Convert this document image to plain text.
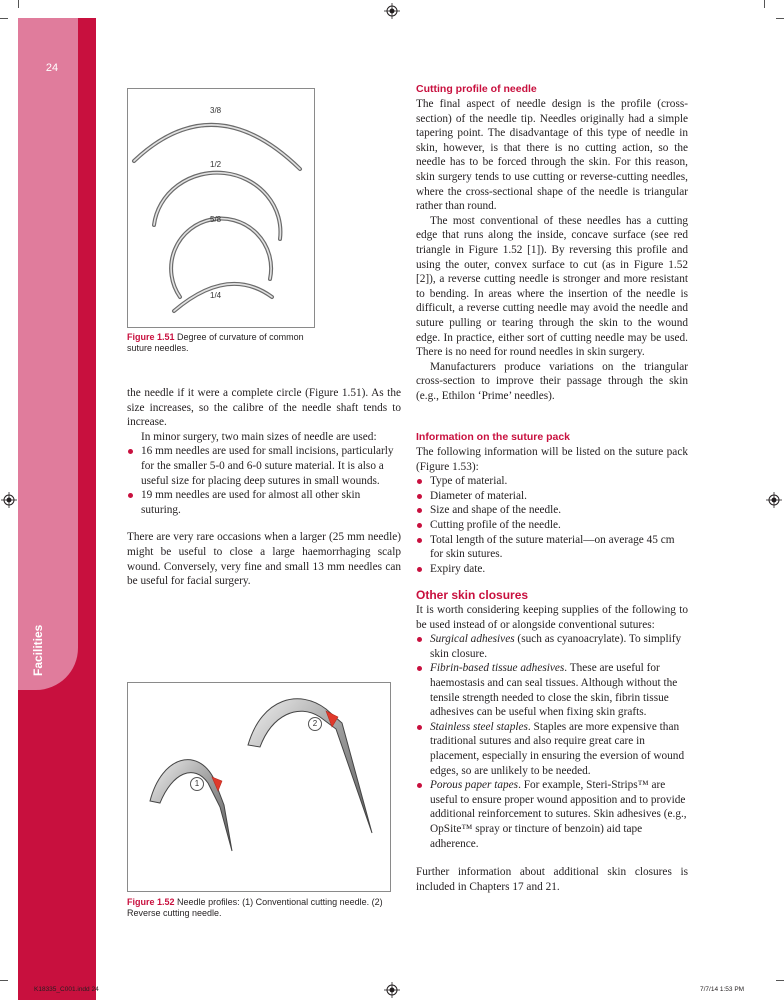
24
Facilities
3/8
1/2
5/8
1/4
Figure 1.51 Degree of curvature of common suture needles.

the needle if it were a complete circle (Figure 1.51). As the size increases, so the calibre of the needle shaft tends to increase.

In minor surgery, two main sizes of needle are used:

16 mm needles are used for small incisions, particularly for the smaller 5-0 and 6-0 suture material. It is also a useful size for placing deep sutures in small wounds.
19 mm needles are used for almost all other skin suturing.

There are very rare occasions when a larger (25 mm needle) might be useful to close a large haemorrhaging scalp wound. Conversely, very fine and small 13 mm needles can be useful for facial surgery.

2
1
Figure 1.52 Needle profiles: (1) Conventional cutting needle. (2) Reverse cutting needle.
Cutting profile of needle

The final aspect of needle design is the profile (cross-section) of the needle tip. Needles originally had a simple tapering point. The disadvantage of this type of needle in skin, however, is that there is no cutting action, so the needle has to be forced through the skin. For this reason, skin surgery tends to use cutting or reverse-cutting needles, where the cross-sectional shape of the needle is triangular rather than round.

The most conventional of these needles has a cutting edge that runs along the inside, concave surface (see red triangle in Figure 1.52 [1]). By reversing this profile and using the outer, convex surface to cut (as in Figure 1.52 [2]), a reverse cutting needle is stronger and more resistant to bending. In areas where the insertion of the needle is difficult, a reverse cutting needle may avoid the needle and suture pulling or tearing through the skin to the wound edge. In practice, either sort of cutting needle may be used. There is no need for round needles in skin surgery.

Manufacturers produce variations on the triangular cross-section to improve their passage through the skin (e.g., Ethilon ‘Prime’ needles).

Information on the suture pack

The following information will be listed on the suture pack (Figure 1.53):

Type of material.
Diameter of material.
Size and shape of the needle.
Cutting profile of the needle.
Total length of the suture material—on average 45 cm for skin sutures.
Expiry date.
Other skin closures

It is worth considering keeping supplies of the following to be used instead of or alongside conventional sutures:

Surgical adhesives (such as cyanoacrylate). To simplify skin closure.
Fibrin-based tissue adhesives. These are useful for haemostasis and can seal tissues. Although without the tensile strength needed to close the skin, fibrin tissue adhesives can be useful when fixing skin grafts.
Stainless steel staples. Staples are more expensive than traditional sutures and also require great care in placement, especially in ensuring the eversion of wound edges, so are unlikely to be needed.
Porous paper tapes. For example, Steri-Strips™ are useful to ensure proper wound apposition and to provide additional reinforcement to sutures. Skin adhesives (e.g., OpSite™ spray or tincture of benzoin) aid tape adherence.

Further information about additional skin closures is included in Chapters 17 and 21.

K18335_C001.indd 24	7/7/14 1:53 PM
